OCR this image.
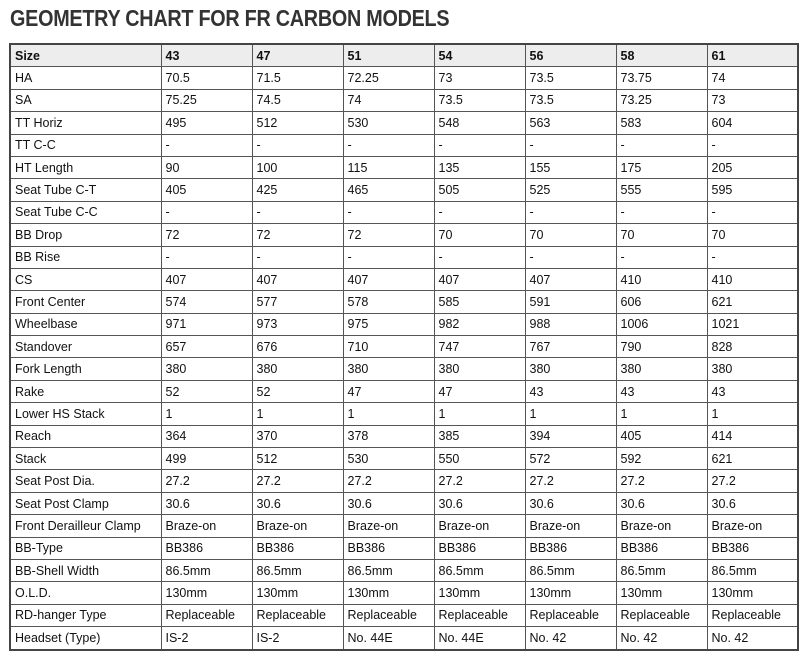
GEOMETRY CHART FOR FR CARBON MODELS
Size	43	47	51	54	56	58	61
HA	70.5	71.5	72.25	73	73.5	73.75	74
SA	75.25	74.5	74	73.5	73.5	73.25	73
TT Horiz	495	512	530	548	563	583	604
TT C-C	-	-	-	-	-	-	-
HT Length	90	100	115	135	155	175	205
Seat Tube C-T	405	425	465	505	525	555	595
Seat Tube C-C	-	-	-	-	-	-	-
BB Drop	72	72	72	70	70	70	70
BB Rise	-	-	-	-	-	-	-
CS	407	407	407	407	407	410	410
Front Center	574	577	578	585	591	606	621
Wheelbase	971	973	975	982	988	1006	1021
Standover	657	676	710	747	767	790	828
Fork Length	380	380	380	380	380	380	380
Rake	52	52	47	47	43	43	43
Lower HS Stack	1	1	1	1	1	1	1
Reach	364	370	378	385	394	405	414
Stack	499	512	530	550	572	592	621
Seat Post Dia.	27.2	27.2	27.2	27.2	27.2	27.2	27.2
Seat Post Clamp	30.6	30.6	30.6	30.6	30.6	30.6	30.6
Front Derailleur Clamp	Braze-on	Braze-on	Braze-on	Braze-on	Braze-on	Braze-on	Braze-on
BB-Type	BB386	BB386	BB386	BB386	BB386	BB386	BB386
BB-Shell Width	86.5mm	86.5mm	86.5mm	86.5mm	86.5mm	86.5mm	86.5mm
O.L.D.	130mm	130mm	130mm	130mm	130mm	130mm	130mm
RD-hanger Type	Replaceable	Replaceable	Replaceable	Replaceable	Replaceable	Replaceable	Replaceable
Headset (Type)	IS-2	IS-2	No. 44E	No. 44E	No. 42	No. 42	No. 42
